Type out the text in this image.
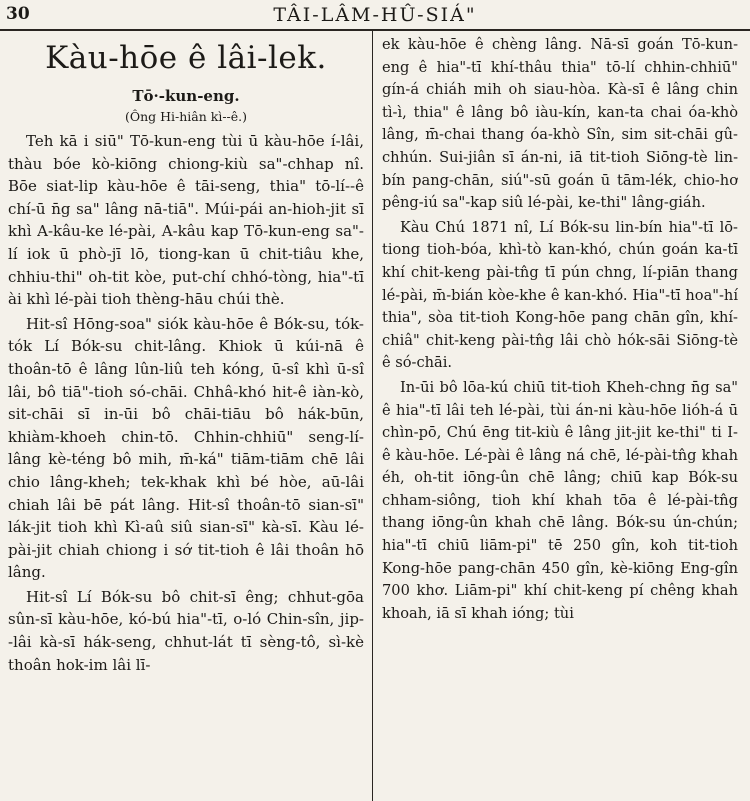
30	TÂI-LÂM-HÛ-SIÁ"
Kàu-hōe ê lâi-lek.
Tō·-kun-eng.
(Ông Hi-hiân kì--ê.)

Teh kā i siū" Tō-kun-eng tùi ū kàu-hōe í-lâi, thàu bóe kò-kiōng chiong-kiù sa"-chhap nî. Bōe siat-lip kàu-hōe ê tāi-seng, thia" tō-lí--ê chí-ū n̄g sa" lâng nā-tiā". Múi-pái an-hioh-jit sī khì A-kâu-ke lé-pài, A-kâu kap Tō-kun-eng sa"-lí iok ū phò-jī lō, tiong-kan ū chit-tiâu khe, chhiu-thi" oh-tit kòe, put-chí chhó-tòng, hia"-tī ài khì lé-pài tioh thèng-hāu chúi thè.

Hit-sî Hōng-soa" siók kàu-hōe ê Bók-su, tók-tók Lí Bók-su chit-lâng. Khiok ū kúi-nā ê thoân-tō ê lâng lûn-liû teh kóng, ū-sî khì ū-sî lâi, bô tiā"-tioh só-chāi. Chhâ-khó hit-ê iàn-kò, sit-chāi sī in-ūi bô chāi-tiāu bô hák-būn, khiàm-khoeh chin-tō. Chhin-chhiū" seng-lí-lâng kè-téng bô mih, m̄-ká" tiām-tiām chē lâi chio lâng-kheh; tek-khak khì bé hòe, aū-lâi chiah lâi bē pát lâng. Hit-sî thoân-tō sian-sī" lák-jit tioh khì Kì-aû siû sian-sī" kà-sī. Kàu lé-pài-jit chiah chiong i sớ tit-tioh ê lâi thoân hō lâng.

Hit-sî Lí Bók-su bô chit-sī êng; chhut-gōa sûn-sī kàu-hōe, kó-bú hia"-tī, o-ló Chin-sîn, jip--lâi kà-sī hák-seng, chhut-lát tī sèng-tô, sì-kè thoân hok-im lâi lī-

ek kàu-hōe ê chèng lâng. Nā-sī goán Tō-kun-eng ê hia"-tī khí-thâu thia" tō-lí chhin-chhiū" gín-á chiáh mih oh siau-hòa. Kà-sī ê lâng chin tì-ì, thia" ê lâng bô iàu-kín, kan-ta chai óa-khò lâng, m̄-chai thang óa-khò Sîn, sim sit-chāi gû-chhún. Sui-jiân sī án-ni, iā tit-tioh Siōng-tè lin-bín pang-chān, siú"-sū goán ū tām-lék, chio-hơ pêng-iú sa"-kap siû lé-pài, ke-thi" lâng-giáh.

Kàu Chú 1871 nî, Lí Bók-su lin-bín hia"-tī lō-tiong tioh-bóa, khì-tò kan-khó, chún goán ka-tī khí chit-keng pài-tn̂g tī pún chng, lí-piān thang lé-pài, m̄-bián kòe-khe ê kan-khó. Hia"-tī hoa"-hí thia", sòa tit-tioh Kong-hōe pang chān gîn, khí-chiâ" chit-keng pài-tn̂g lâi chò hók-sāi Siōng-tè ê só-chāi.

In-ūi bô lōa-kú chiū tit-tioh Kheh-chng n̄g sa" ê hia"-tī lâi teh lé-pài, tùi án-ni kàu-hōe lióh-á ū chìn-pō, Chú ēng tit-kiù ê lâng jit-jit ke-thi" ti I-ê kàu-hōe. Lé-pài ê lâng ná chē, lé-pài-tn̂g khah éh, oh-tit iōng-ûn chē lâng; chiū kap Bók-su chham-siông, tioh khí khah tōa ê lé-pài-tn̂g thang iōng-ûn khah chē lâng. Bók-su ún-chún; hia"-tī chiū liām-pi" tē 250 gîn, koh tit-tioh Kong-hōe pang-chān 450 gîn, kè-kiōng Eng-gîn 700 khơ. Liām-pi" khí chit-keng pí chêng khah khoah, iā sī khah ióng; tùi
